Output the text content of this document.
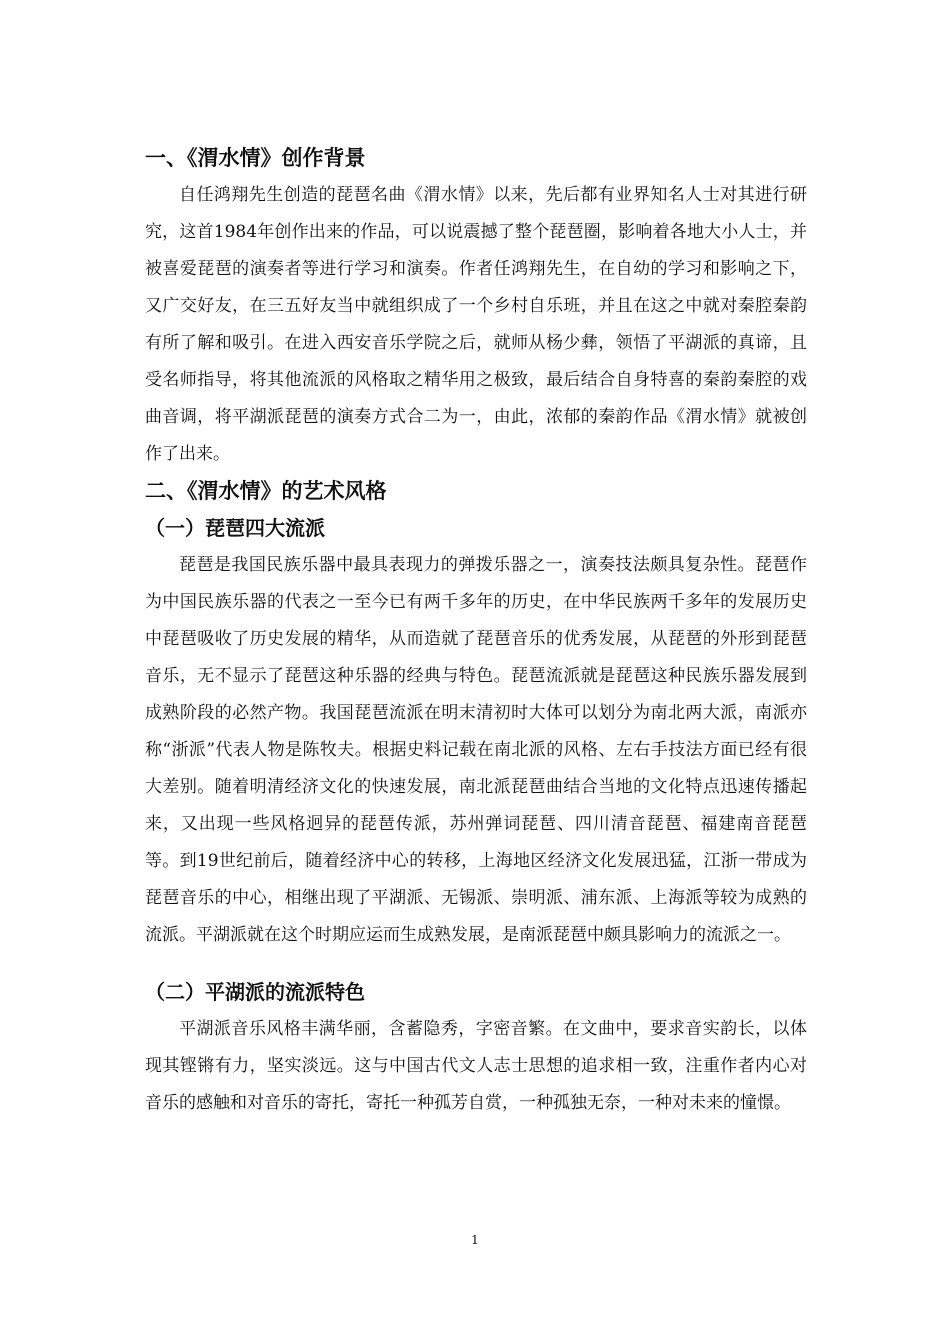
一、《渭水情》创作背景

自任鸿翔先生创造的琵琶名曲《渭水情》以来，先后都有业界知名人士对其进行研究，这首1984年创作出来的作品，可以说震撼了整个琵琶圈，影响着各地大小人士，并被喜爱琵琶的演奏者等进行学习和演奏。作者任鸿翔先生，在自幼的学习和影响之下，又广交好友，在三五好友当中就组织成了一个乡村自乐班，并且在这之中就对秦腔秦韵有所了解和吸引。在进入西安音乐学院之后，就师从杨少彝，领悟了平湖派的真谛，且受名师指导，将其他流派的风格取之精华用之极致，最后结合自身特喜的秦韵秦腔的戏曲音调，将平湖派琵琶的演奏方式合二为一，由此，浓郁的秦韵作品《渭水情》就被创作了出来。

二、《渭水情》的艺术风格
（一）琵琶四大流派

琵琶是我国民族乐器中最具表现力的弹拨乐器之一，演奏技法颇具复杂性。琵琶作为中国民族乐器的代表之一至今已有两千多年的历史，在中华民族两千多年的发展历史中琵琶吸收了历史发展的精华，从而造就了琵琶音乐的优秀发展，从琵琶的外形到琵琶音乐，无不显示了琵琶这种乐器的经典与特色。琵琶流派就是琵琶这种民族乐器发展到成熟阶段的必然产物。我国琵琶流派在明末清初时大体可以划分为南北两大派，南派亦称“浙派”代表人物是陈牧夫。根据史料记载在南北派的风格、左右手技法方面已经有很大差别。随着明清经济文化的快速发展，南北派琵琶曲结合当地的文化特点迅速传播起来，又出现一些风格迥异的琵琶传派，苏州弹词琵琶、四川清音琵琶、福建南音琵琶等。到19世纪前后，随着经济中心的转移，上海地区经济文化发展迅猛，江浙一带成为琵琶音乐的中心，相继出现了平湖派、无锡派、崇明派、浦东派、上海派等较为成熟的流派。平湖派就在这个时期应运而生成熟发展，是南派琵琶中颇具影响力的流派之一。

（二）平湖派的流派特色

平湖派音乐风格丰满华丽，含蓄隐秀，字密音繁。在文曲中，要求音实韵长，以体现其铿锵有力，坚实淡远。这与中国古代文人志士思想的追求相一致，注重作者内心对音乐的感触和对音乐的寄托，寄托一种孤芳自赏，一种孤独无奈，一种对未来的憧憬。

1
